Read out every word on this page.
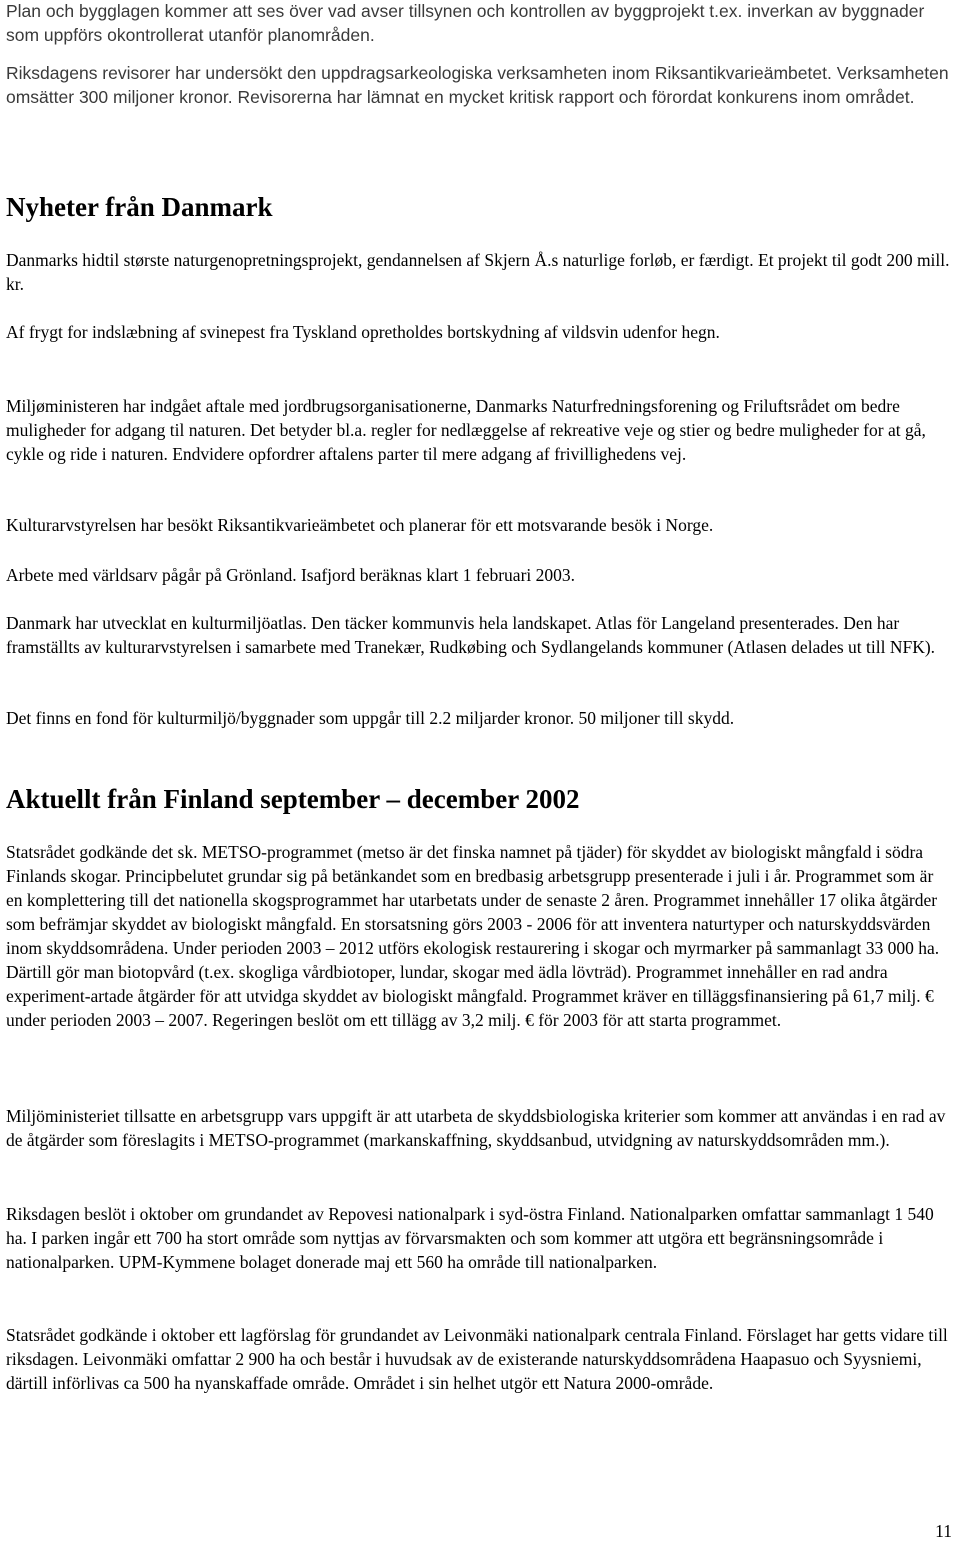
Plan och bygglagen kommer att ses över vad avser tillsynen och kontrollen av byggprojekt t.ex. inverkan av byggnader som uppförs okontrollerat utanför planområden.

Riksdagens revisorer har undersökt den uppdragsarkeologiska verksamheten inom Riksantikvarieämbetet. Verksamheten omsätter 300 miljoner kronor. Revisorerna har lämnat en mycket kritisk rapport och förordat konkurens inom området.

Nyheter från Danmark

Danmarks hidtil største naturgenopretningsprojekt, gendannelsen af Skjern Å.s naturlige forløb, er færdigt. Et projekt til godt 200 mill. kr.

Af frygt for indslæbning af svinepest fra Tyskland opretholdes bortskydning af vildsvin udenfor hegn.

Miljøministeren har indgået aftale med jordbrugsorganisationerne, Danmarks Naturfredningsforening og Friluftsrådet om bedre muligheder for adgang til naturen. Det betyder bl.a. regler for nedlæggelse af rekreative veje og stier og bedre muligheder for at gå, cykle og ride i naturen. Endvidere opfordrer aftalens parter til mere adgang af frivillighedens vej.

Kulturarvstyrelsen har besökt Riksantikvarieämbetet och planerar för ett motsvarande besök i Norge.

Arbete med världsarv pågår på Grönland. Isafjord beräknas klart 1 februari 2003.

Danmark har utvecklat en kulturmiljöatlas. Den täcker kommunvis hela landskapet. Atlas för Langeland presenterades. Den har framställts av kulturarvstyrelsen i samarbete med Tranekær, Rudkøbing och Sydlangelands kommuner (Atlasen delades ut till NFK).

Det finns en fond för kulturmiljö/byggnader som uppgår till 2.2 miljarder kronor. 50 miljoner till skydd.

Aktuellt från Finland september – december 2002

Statsrådet godkände det sk. METSO-programmet (metso är det finska namnet på tjäder) för skyddet av biologiskt mångfald i södra Finlands skogar. Principbelutet grundar sig på betänkandet som en bredbasig arbetsgrupp presenterade i juli i år. Programmet som är en komplettering till det nationella skogsprogrammet har utarbetats under de senaste 2 åren. Programmet innehåller 17 olika åtgärder som befrämjar skyddet av biologiskt mångfald. En storsatsning görs 2003 - 2006 för att inventera naturtyper och naturskyddsvärden inom skyddsområdena. Under perioden 2003 – 2012 utförs ekologisk restaurering i skogar och myrmarker på sammanlagt 33 000 ha. Därtill gör man biotopvård (t.ex. skogliga vårdbiotoper, lundar, skogar med ädla lövträd). Programmet innehåller en rad andra experiment-artade åtgärder för att utvidga skyddet av biologiskt mångfald. Programmet kräver en tilläggsfinansiering på 61,7 milj. € under perioden 2003 – 2007. Regeringen beslöt om ett tillägg av 3,2 milj. € för 2003 för att starta programmet.

Miljöministeriet tillsatte en arbetsgrupp vars uppgift är att utarbeta de skyddsbiologiska kriterier som kommer att användas i en rad av de åtgärder som föreslagits i METSO-programmet (markanskaffning, skyddsanbud, utvidgning av naturskyddsområden mm.).

Riksdagen beslöt i oktober om grundandet av Repovesi nationalpark i syd-östra Finland. Nationalparken omfattar sammanlagt 1 540 ha. I parken ingår ett 700 ha stort område som nyttjas av förvarsmakten och som kommer att utgöra ett begränsningsområde i nationalparken. UPM-Kymmene bolaget donerade maj ett 560 ha område till nationalparken.

Statsrådet godkände i oktober ett lagförslag för grundandet av Leivonmäki nationalpark centrala Finland. Förslaget har getts vidare till riksdagen. Leivonmäki omfattar 2 900 ha och består i huvudsak av de existerande naturskyddsområdena Haapasuo och Syysniemi, därtill införlivas ca 500 ha nyanskaffade område. Området i sin helhet utgör ett Natura 2000-område.

11
